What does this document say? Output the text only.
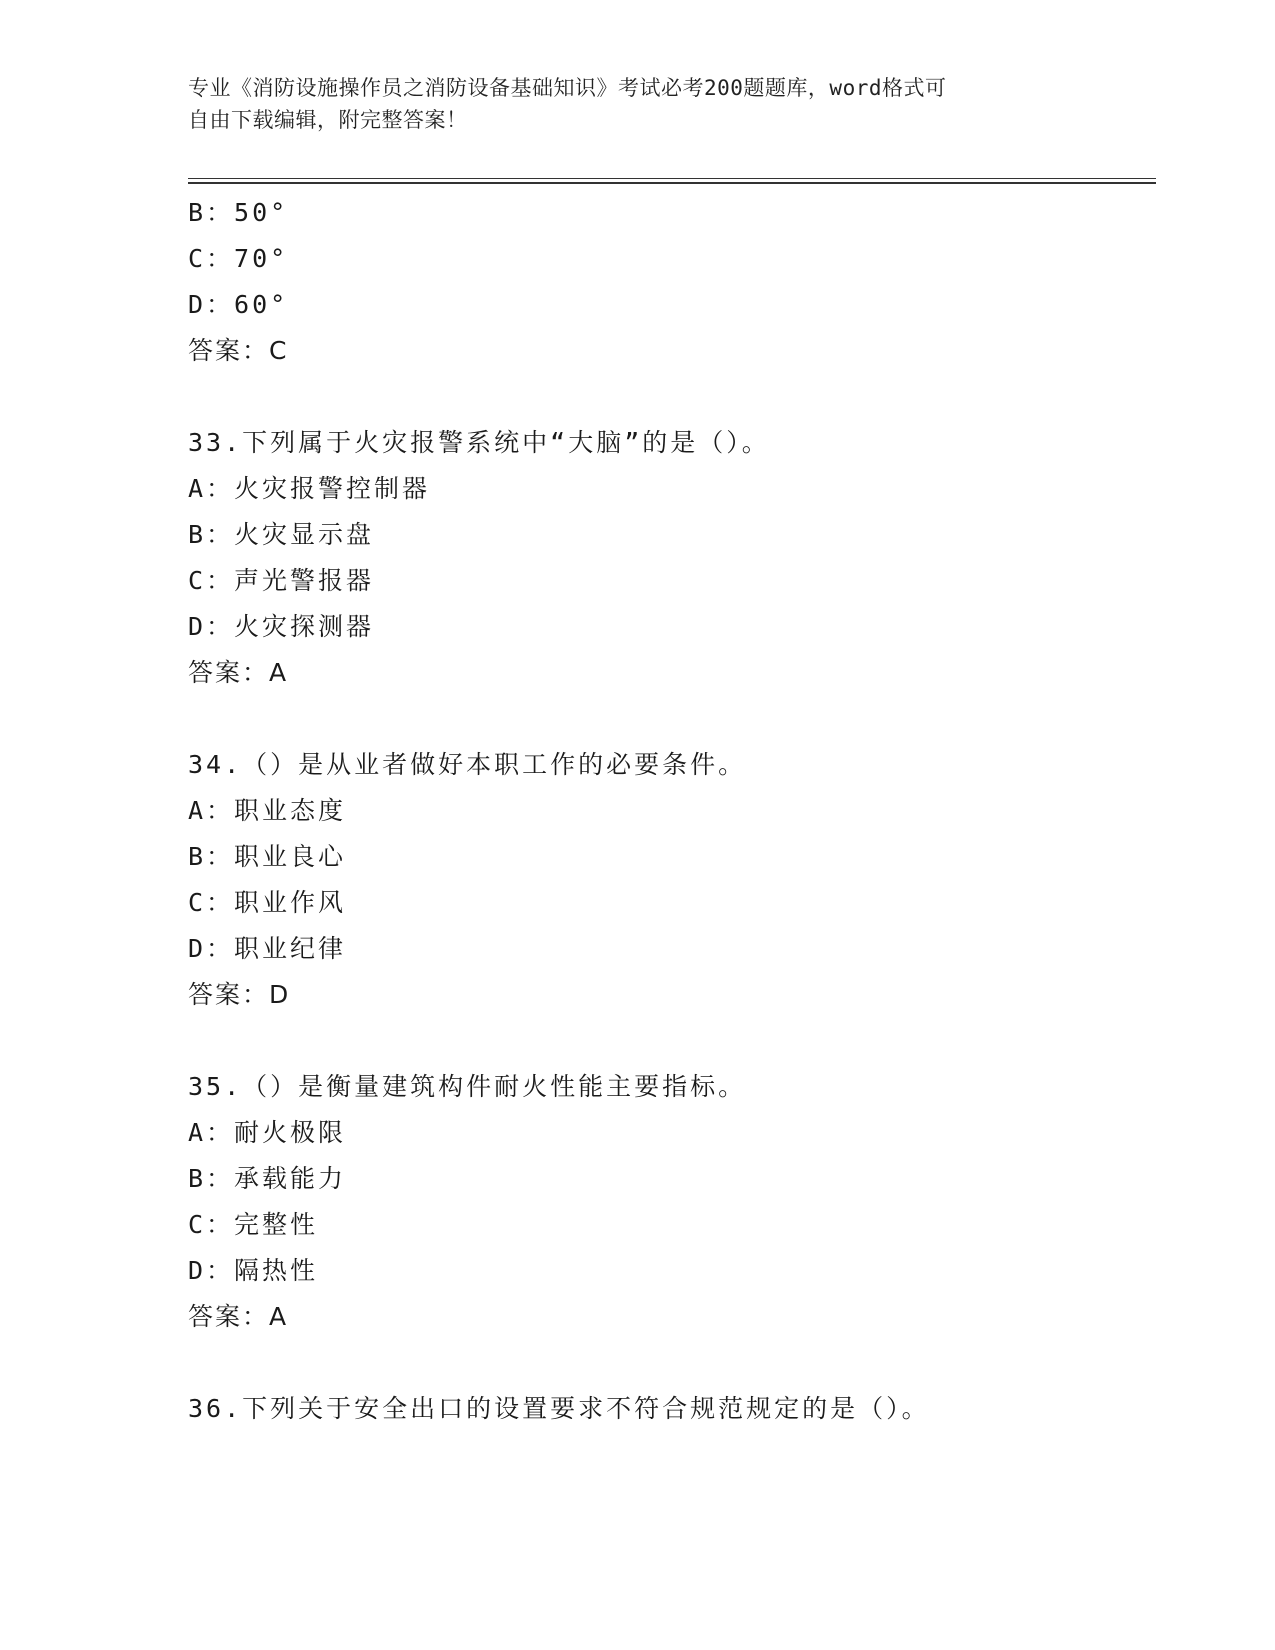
专业《消防设施操作员之消防设备基础知识》考试必考200题题库，word格式可
自由下载编辑，附完整答案！
B：50°
C：70°
D：60°
答案：C
33.下列属于火灾报警系统中“大脑”的是（）。
A：火灾报警控制器
B：火灾显示盘
C：声光警报器
D：火灾探测器
答案：A
34.（）是从业者做好本职工作的必要条件。
A：职业态度
B：职业良心
C：职业作风
D：职业纪律
答案：D
35.（）是衡量建筑构件耐火性能主要指标。
A：耐火极限
B：承载能力
C：完整性
D：隔热性
答案：A
36.下列关于安全出口的设置要求不符合规范规定的是（）。
